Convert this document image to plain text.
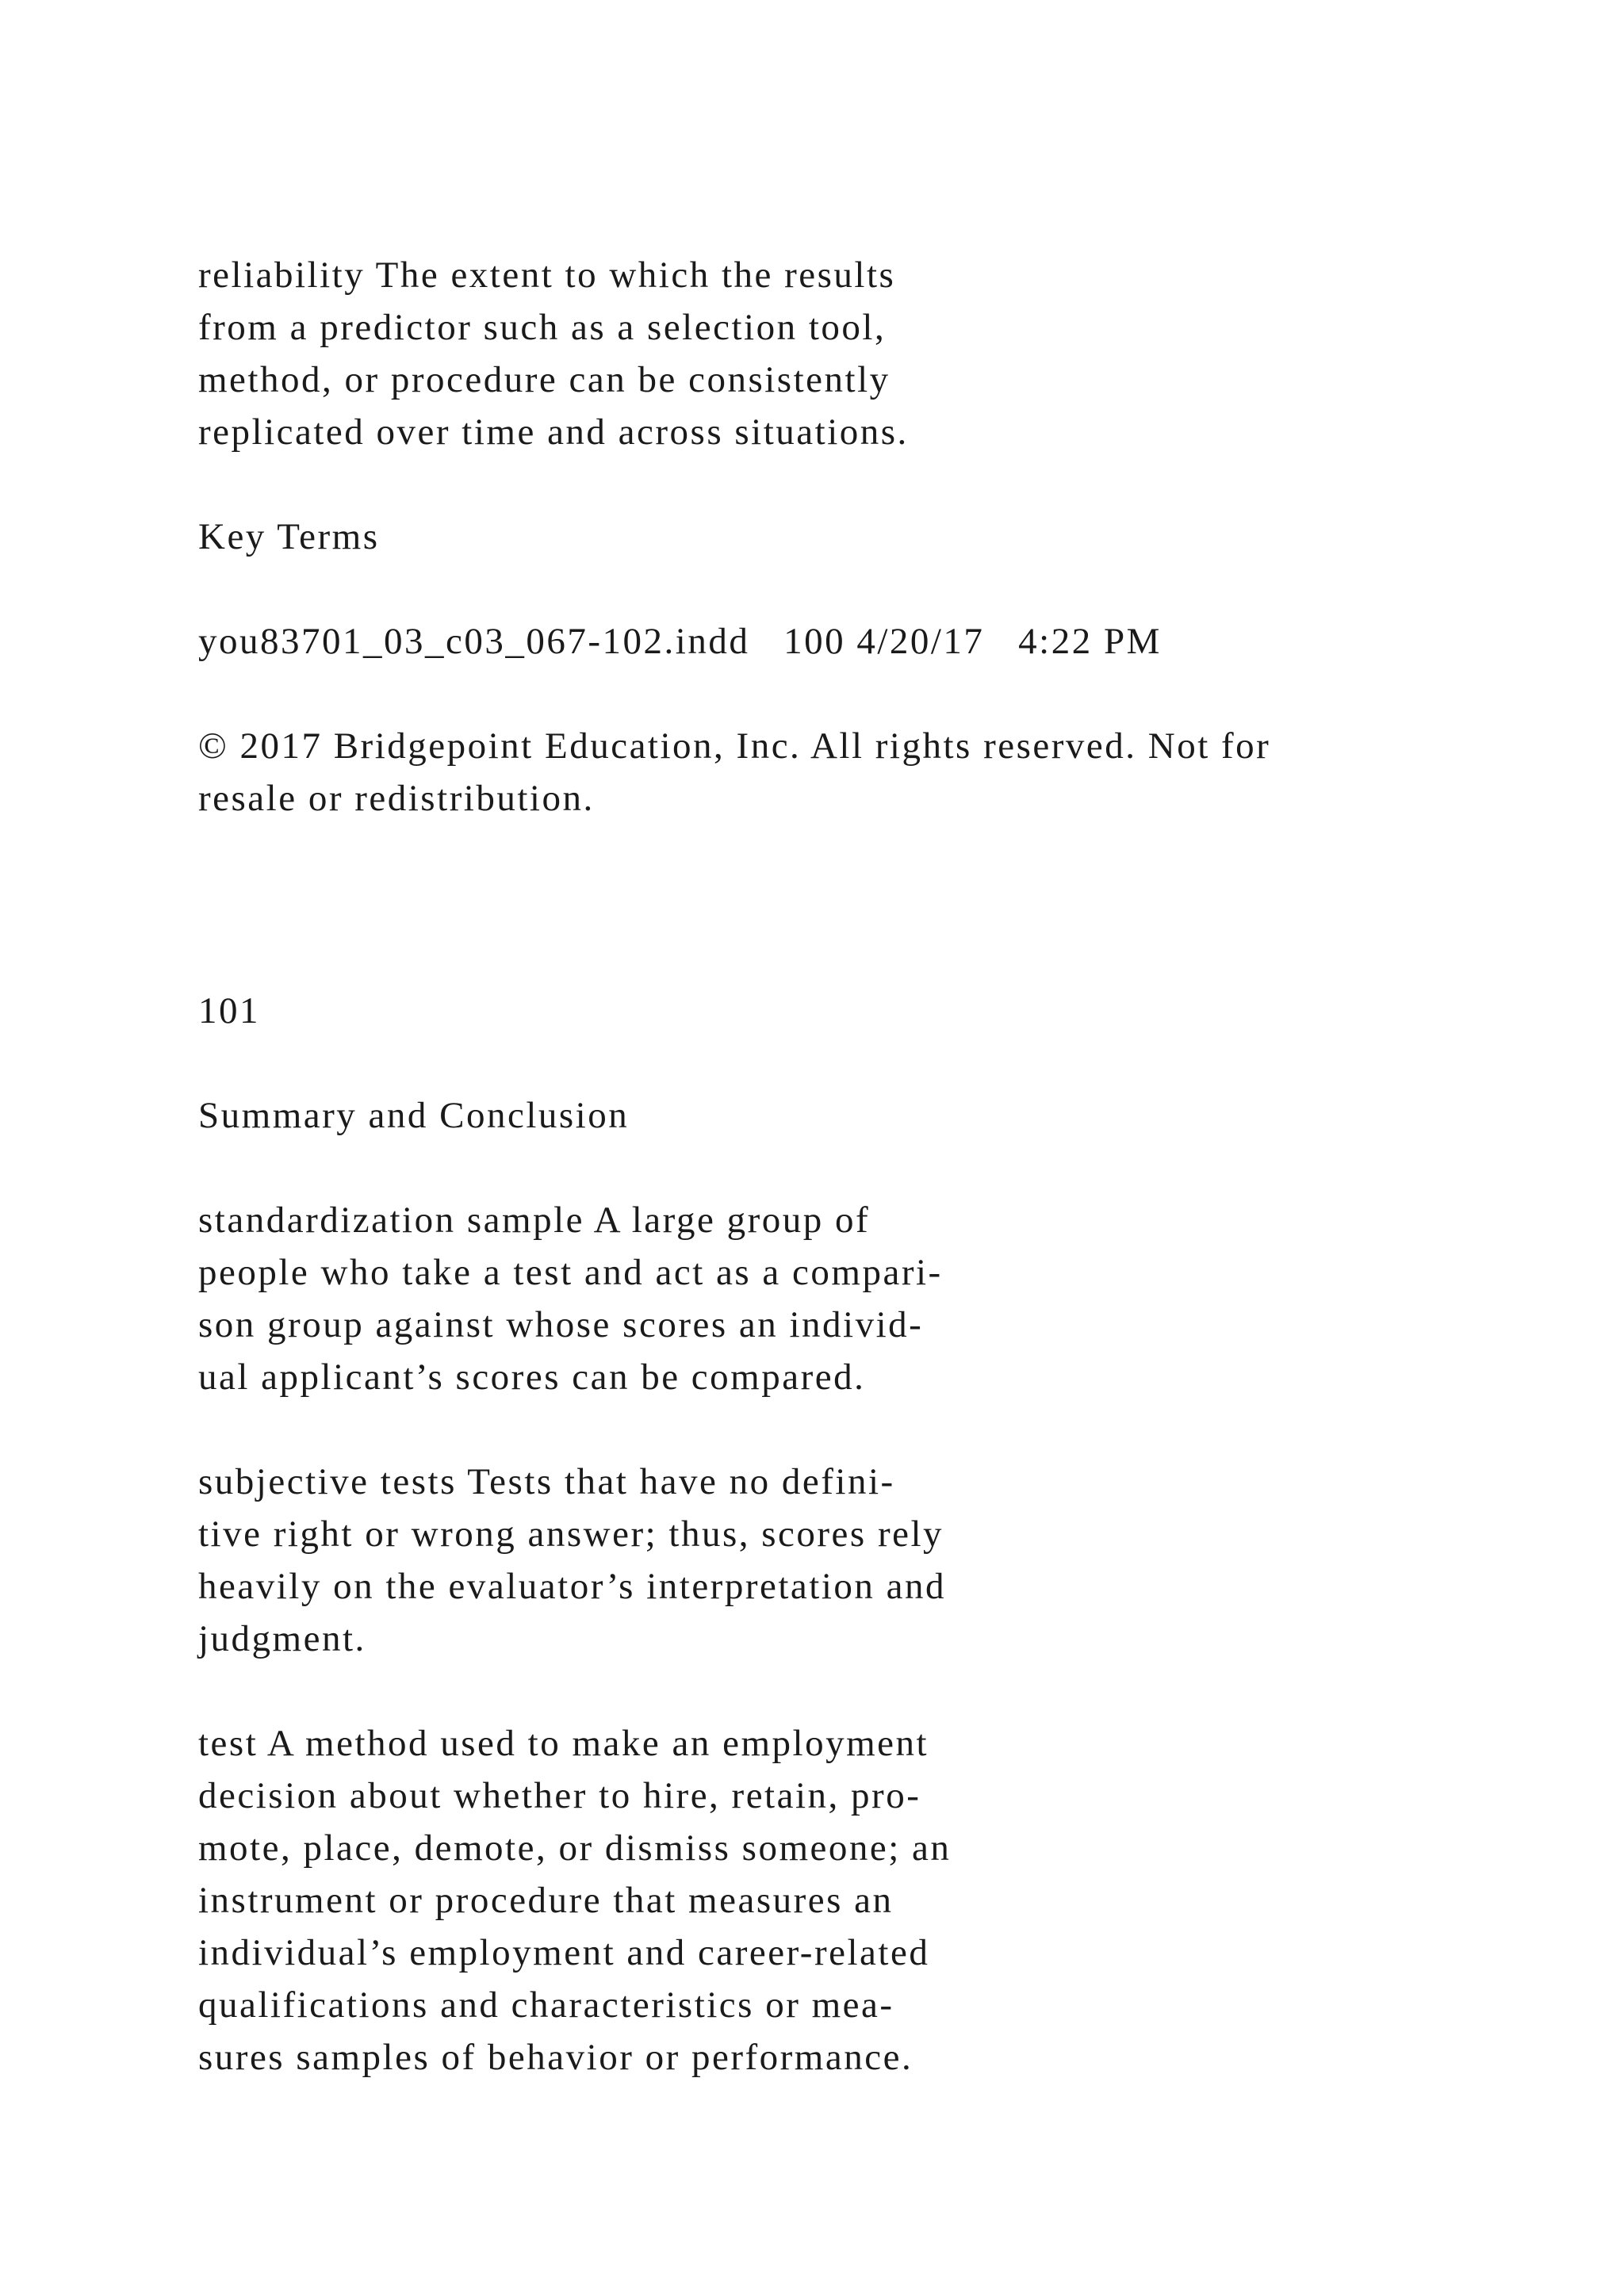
reliability The extent to which the results
from a predictor such as a selection tool,
method, or procedure can be consistently
replicated over time and across situations.
Key Terms
you83701_03_c03_067-102.indd   100 4/20/17   4:22 PM
© 2017 Bridgepoint Education, Inc. All rights reserved. Not for
resale or redistribution.
101
Summary and Conclusion
standardization sample A large group of
people who take a test and act as a compari-
son group against whose scores an individ-
ual applicant’s scores can be compared.
subjective tests Tests that have no defini-
tive right or wrong answer; thus, scores rely
heavily on the evaluator’s interpretation and
judgment.
test A method used to make an employment
decision about whether to hire, retain, pro-
mote, place, demote, or dismiss someone; an
instrument or procedure that measures an
individual’s employment and career-related
qualifications and characteristics or mea-
sures samples of behavior or performance.
